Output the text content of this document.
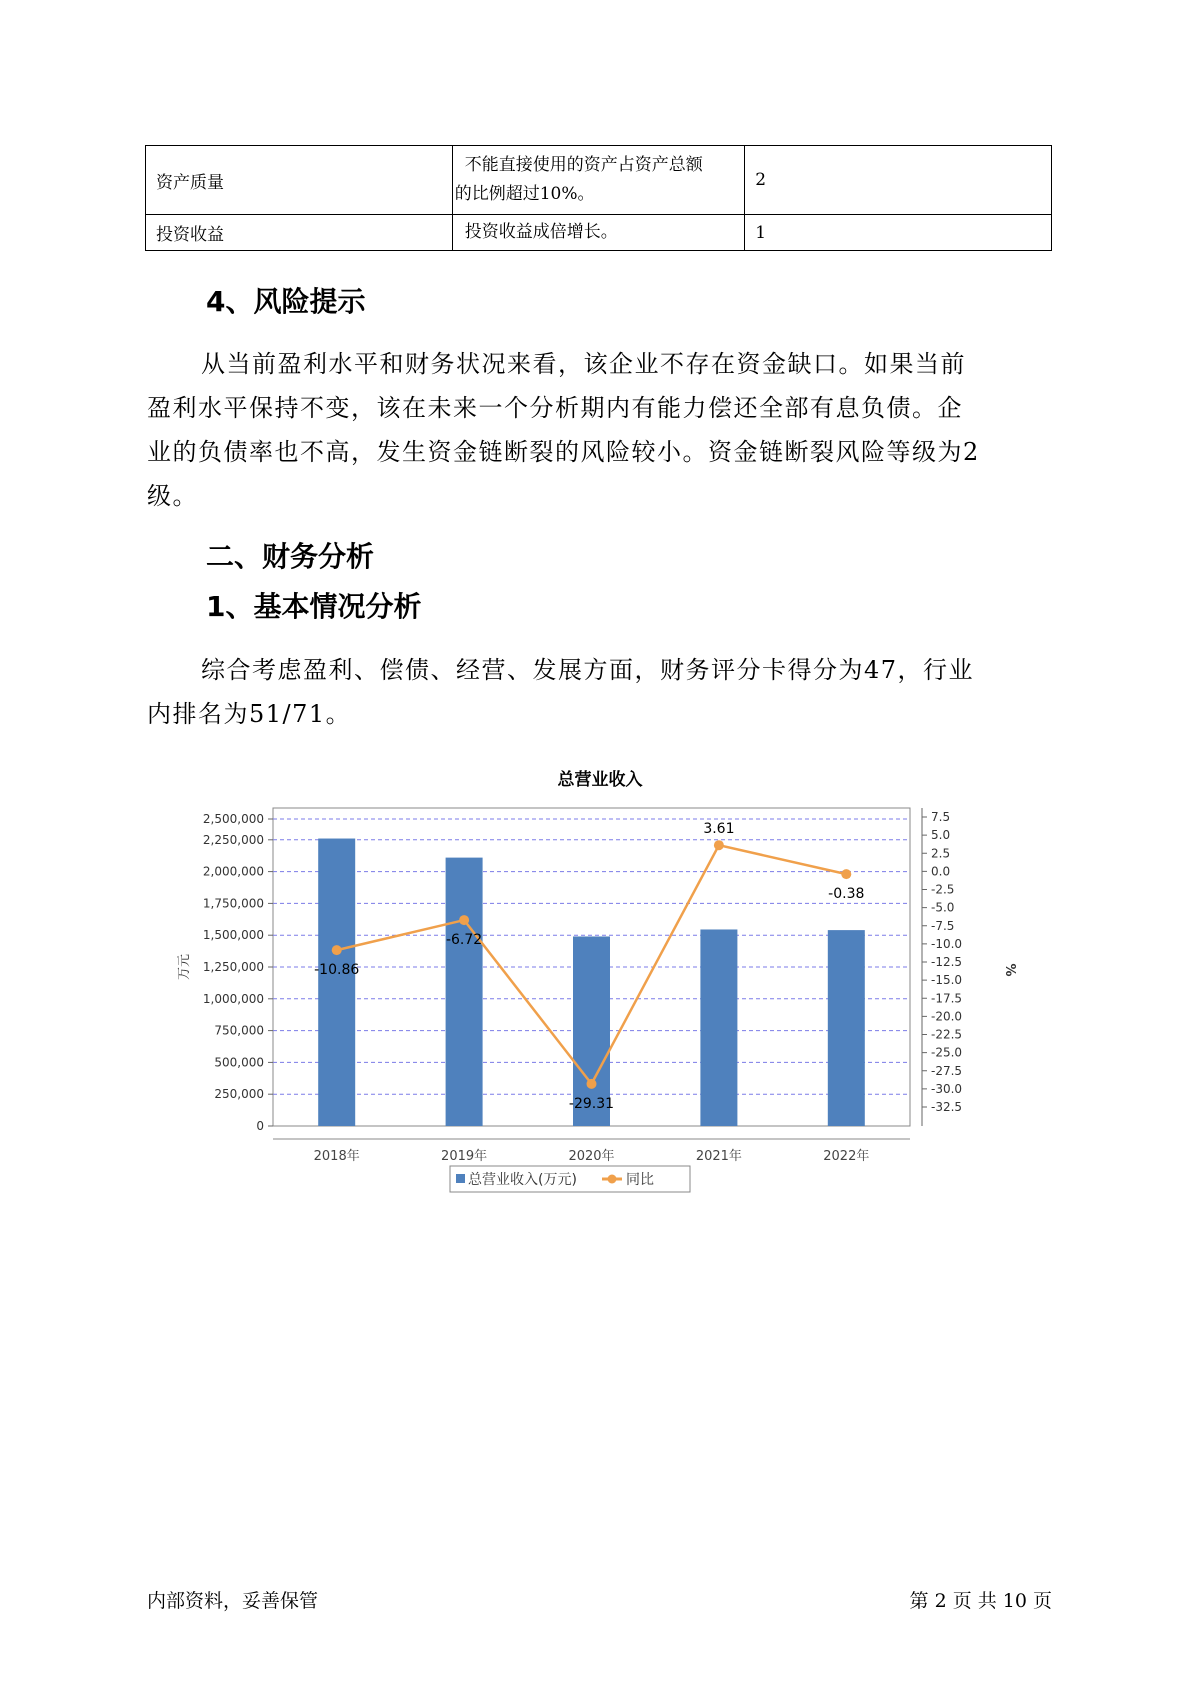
资产质量	不能直接使用的资产占资产总额
的比例超过10%。	2
投资收益	投资收益成倍增长。	1
4、风险提示
从当前盈利水平和财务状况来看，该企业不存在资金缺口。如果当前
盈利水平保持不变，该在未来一个分析期内有能力偿还全部有息负债。企
业的负债率也不高，发生资金链断裂的风险较小。资金链断裂风险等级为2
级。
二、财务分析
1、基本情况分析
综合考虑盈利、偿债、经营、发展方面，财务评分卡得分为47，行业
内排名为51/71。
总营业收入
-10.86
-6.72
-29.31
3.61
-0.38
0
250,000
500,000
750,000
1,000,000
1,250,000
1,500,000
1,750,000
2,000,000
2,250,000
2,500,000	7.5
5.0
2.5
0.0
-2.5
-5.0
-7.5
-10.0
-12.5
-15.0
-17.5
-20.0
-22.5
-25.0
-27.5
-30.0
-32.5
2018年	2019年	2020年	2021年	2022年
万元	%
总营业收入(万元)	同比
内部资料，妥善保管	第 2 页 共 10 页
